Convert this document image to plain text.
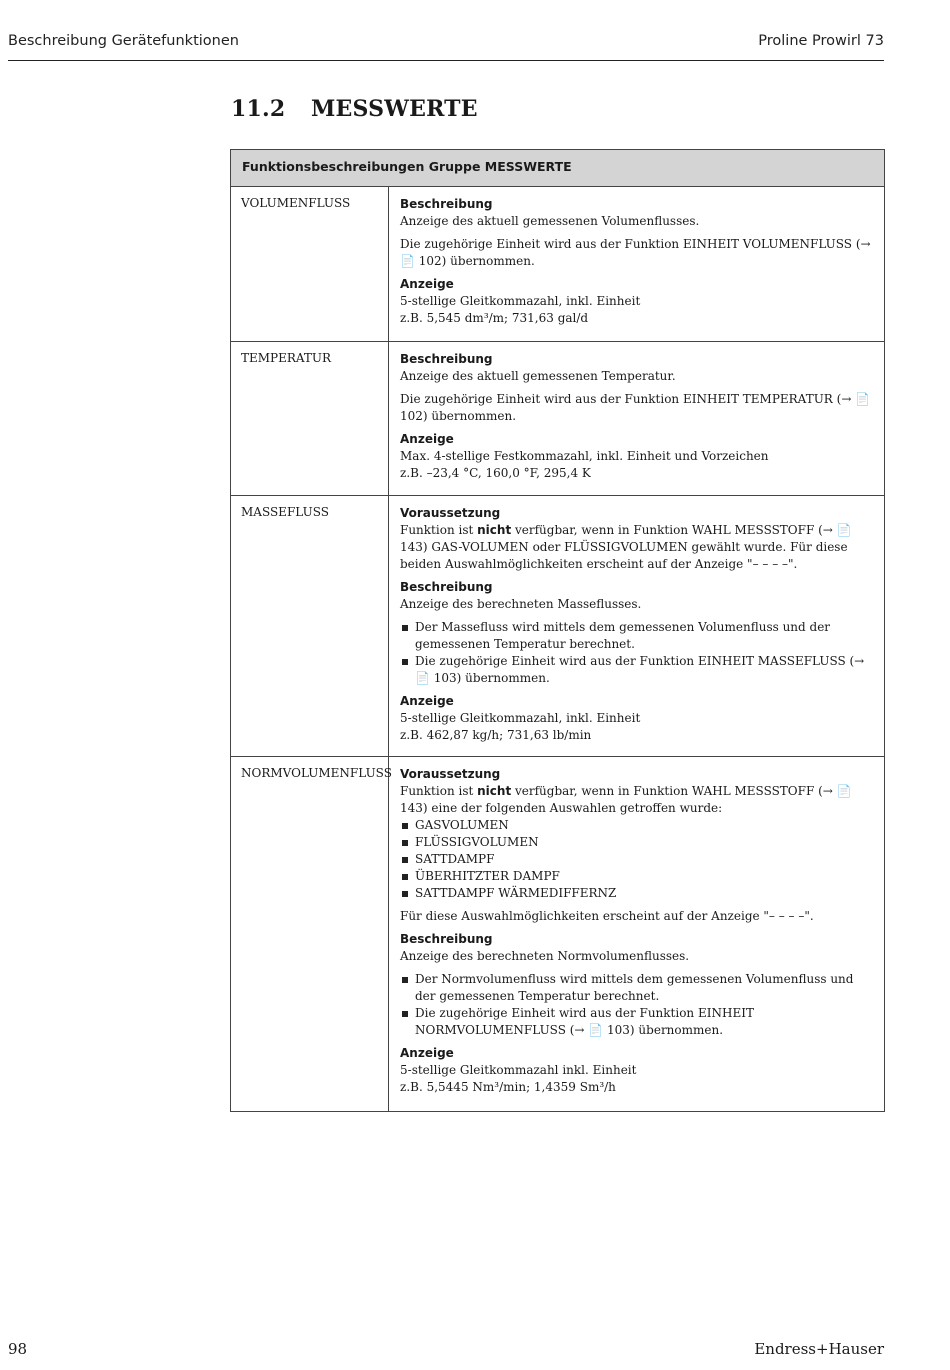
Beschreibung Gerätefunktionen	Proline Prowirl 73
11.2 MESSWERTE
Funktionsbeschreibungen Gruppe MESSWERTE
VOLUMENFLUSS	Beschreibung

Anzeige des aktuell gemessenen Volumenflusses.

Die zugehörige Einheit wird aus der Funktion EINHEIT VOLUMENFLUSS (→ 📄 102) übernommen.

Anzeige

5-stellige Gleitkommazahl, inkl. Einheit

z.B. 5,545 dm³/m; 731,63 gal/d

TEMPERATUR	Beschreibung

Anzeige des aktuell gemessenen Temperatur.

Die zugehörige Einheit wird aus der Funktion EINHEIT TEMPERATUR (→ 📄 102) übernommen.

Anzeige

Max. 4-stellige Festkommazahl, inkl. Einheit und Vorzeichen

z.B. –23,4 °C, 160,0 °F, 295,4 K

MASSEFLUSS	Voraussetzung

Funktion ist nicht verfügbar, wenn in Funktion WAHL MESSSTOFF (→ 📄 143) GAS-VOLUMEN oder FLÜSSIGVOLUMEN gewählt wurde. Für diese beiden Auswahlmöglichkeiten erscheint auf der Anzeige "– – – –".

Beschreibung

Anzeige des berechneten Masseflusses.

Der Massefluss wird mittels dem gemessenen Volumenfluss und der gemessenen Temperatur berechnet.
Die zugehörige Einheit wird aus der Funktion EINHEIT MASSEFLUSS (→ 📄 103) übernommen.
Anzeige

5-stellige Gleitkommazahl, inkl. Einheit

z.B. 462,87 kg/h; 731,63 lb/min

NORMVOLUMENFLUSS Voraussetzung

Funktion ist nicht verfügbar, wenn in Funktion WAHL MESSSTOFF (→ 📄 143) eine der folgenden Auswahlen getroffen wurde:

GASVOLUMEN
FLÜSSIGVOLUMEN
SATTDAMPF
ÜBERHITZTER DAMPF
SATTDAMPF WÄRMEDIFFERNZ

Für diese Auswahlmöglichkeiten erscheint auf der Anzeige "– – – –".

Beschreibung

Anzeige des berechneten Normvolumenflusses.

Der Normvolumenfluss wird mittels dem gemessenen Volumenfluss und der gemessenen Temperatur berechnet.
Die zugehörige Einheit wird aus der Funktion EINHEIT NORMVOLUMENFLUSS (→ 📄 103) übernommen.
Anzeige

5-stellige Gleitkommazahl inkl. Einheit

z.B. 5,5445 Nm³/min; 1,4359 Sm³/h

98	Endress+Hauser
